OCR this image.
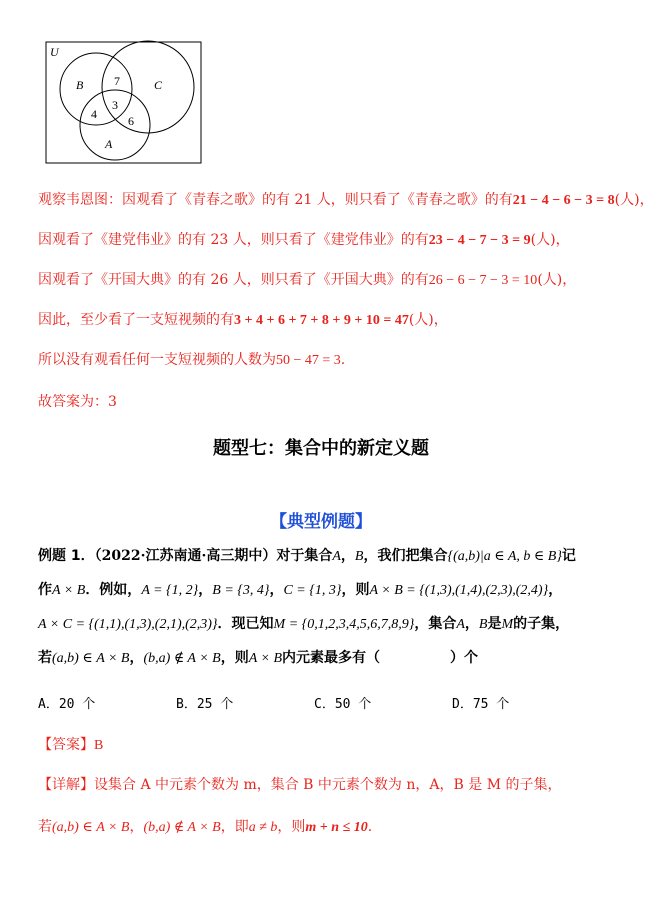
U
B	C
A
7
3
4	6
观察韦恩图：因观看了《青春之歌》的有 21 人，则只看了《青春之歌》的有21 − 4 − 6 − 3 = 8(人)，
因观看了《建党伟业》的有 23 人，则只看了《建党伟业》的有23 − 4 − 7 − 3 = 9(人)，
因观看了《开国大典》的有 26 人，则只看了《开国大典》的有26 − 6 − 7 − 3 = 10(人)，
因此，至少看了一支短视频的有3 + 4 + 6 + 7 + 8 + 9 + 10 = 47(人)，
所以没有观看任何一支短视频的人数为50 − 47 = 3.
故答案为：3
题型七：集合中的新定义题
【典型例题】
例题 1．（2022·江苏南通·高三期中）对于集合A，B，我们把集合{(a,b)|a ∈ A, b ∈ B}记
作A × B．例如，A = {1, 2}，B = {3, 4}，C = {1, 3}，则A × B = {(1,3),(1,4),(2,3),(2,4)}，
A × C = {(1,1),(1,3),(2,1),(2,3)}．现已知M = {0,1,2,3,4,5,6,7,8,9}，集合A，B是M的子集，
若(a,b) ∈ A × B，(b,a) ∉ A × B，则A × B内元素最多有（	）个
A．20 个	B．25 个	C．50 个	D．75 个
【答案】B
【详解】设集合 A 中元素个数为 m，集合 B 中元素个数为 n，A，B 是 M 的子集，
若(a,b) ∈ A × B，(b,a) ∉ A × B，即a ≠ b，则m + n ≤ 10.
